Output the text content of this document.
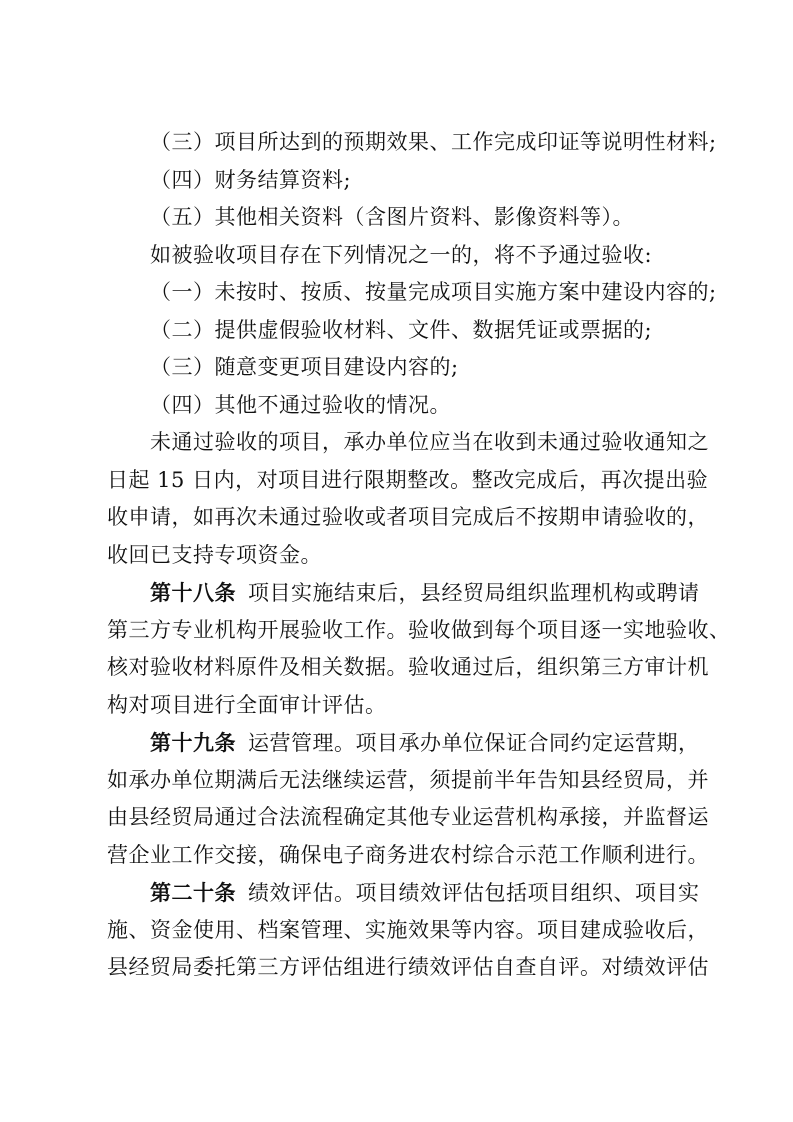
（三）项目所达到的预期效果、工作完成印证等说明性材料;
（四）财务结算资料;
（五）其他相关资料（含图片资料、影像资料等）。
如被验收项目存在下列情况之一的，将不予通过验收:
（一）未按时、按质、按量完成项目实施方案中建设内容的;
（二）提供虚假验收材料、文件、数据凭证或票据的;
（三）随意变更项目建设内容的;
（四）其他不通过验收的情况。
未通过验收的项目，承办单位应当在收到未通过验收通知之
日起 15 日内，对项目进行限期整改。整改完成后，再次提出验
收申请，如再次未通过验收或者项目完成后不按期申请验收的，
收回已支持专项资金。
第十八条 项目实施结束后，县经贸局组织监理机构或聘请
第三方专业机构开展验收工作。验收做到每个项目逐一实地验收、
核对验收材料原件及相关数据。验收通过后，组织第三方审计机
构对项目进行全面审计评估。
第十九条 运营管理。项目承办单位保证合同约定运营期，
如承办单位期满后无法继续运营，须提前半年告知县经贸局，并
由县经贸局通过合法流程确定其他专业运营机构承接，并监督运
营企业工作交接，确保电子商务进农村综合示范工作顺利进行。
第二十条 绩效评估。项目绩效评估包括项目组织、项目实
施、资金使用、档案管理、实施效果等内容。项目建成验收后，
县经贸局委托第三方评估组进行绩效评估自查自评。对绩效评估
